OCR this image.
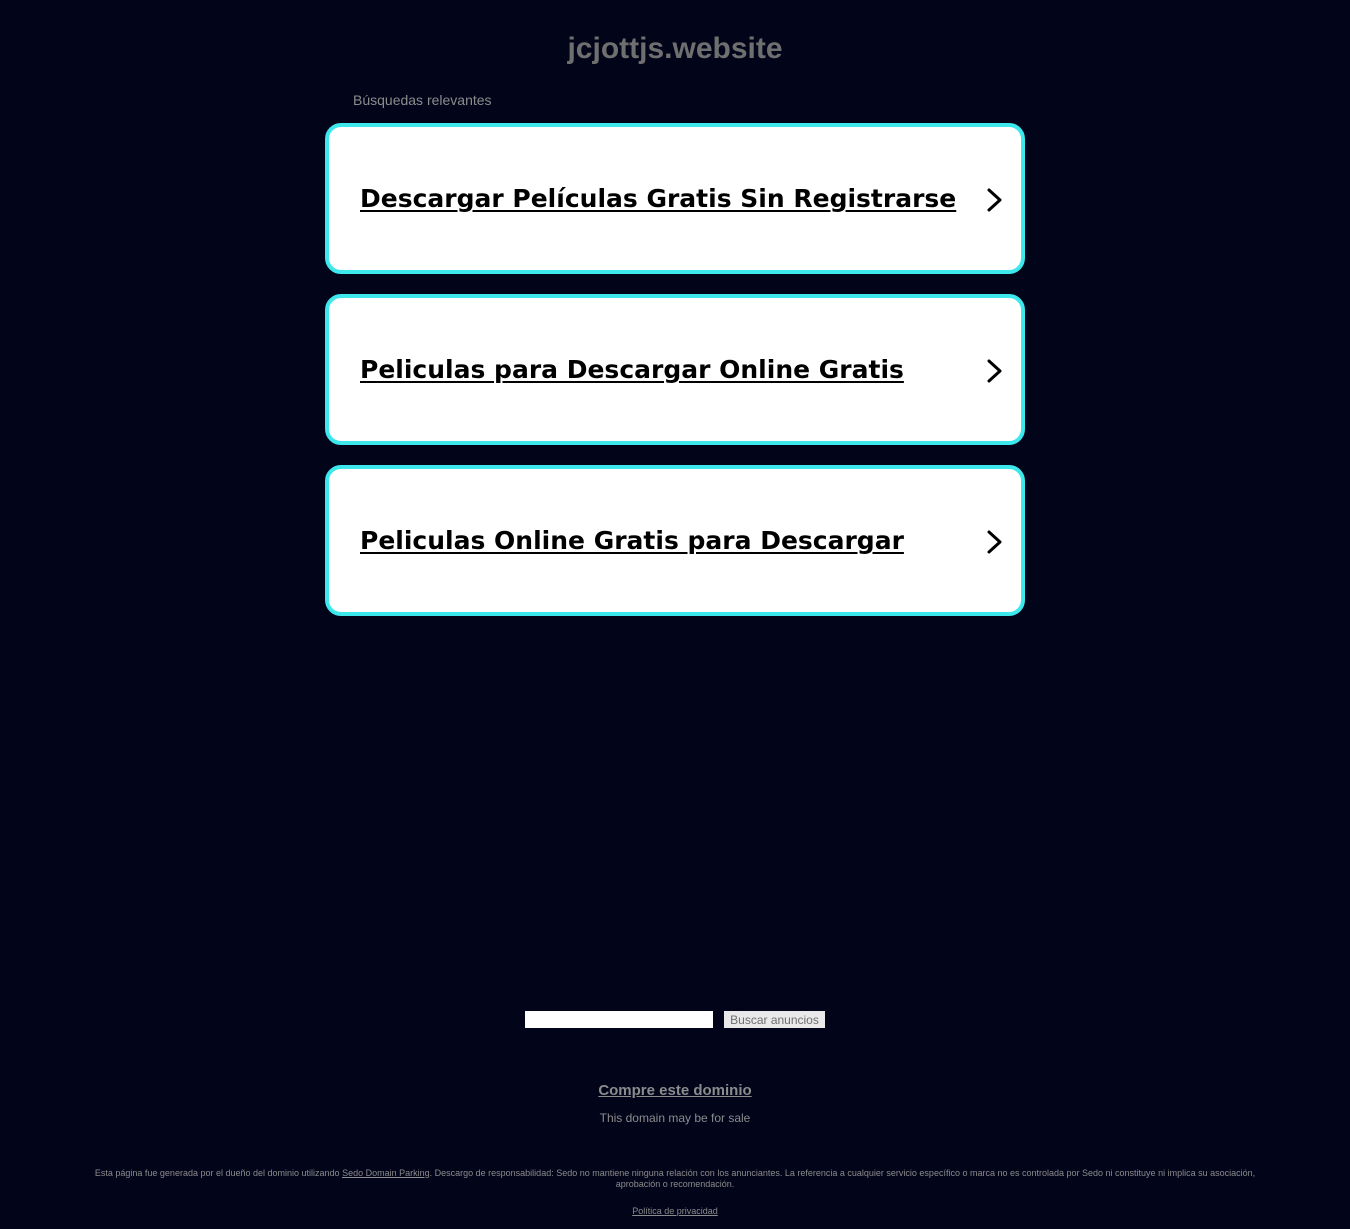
jcjottjs.website
Búsquedas relevantes
Descargar Películas Gratis Sin Registrarse
Peliculas para Descargar Online Gratis
Peliculas Online Gratis para Descargar
Buscar anuncios
Compre este dominio
This domain may be for sale
Esta página fue generada por el dueño del dominio utilizando Sedo Domain Parking. Descargo de responsabilidad: Sedo no mantiene ninguna relación con los anunciantes. La referencia a cualquier servicio específico o marca no es controlada por Sedo ni constituye ni implica su asociación, aprobación o recomendación.
Política de privacidad
